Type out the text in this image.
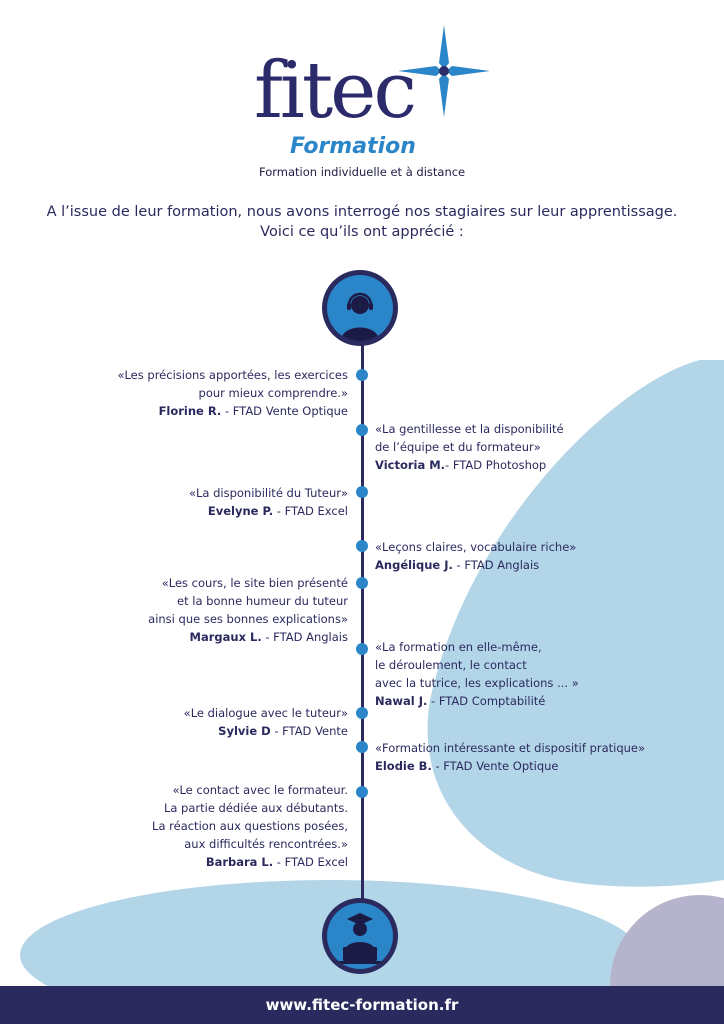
fitec
Formation
Formation individuelle et à distance
A l’issue de leur formation, nous avons interrogé nos stagiaires sur leur apprentissage.
Voici ce qu’ils ont apprécié :
«Les précisions apportées, les exercices
pour mieux comprendre.»
Florine R. - FTAD Vente Optique
«La gentillesse et la disponibilité
de l’équipe et du formateur»
Victoria M.- FTAD Photoshop
«La disponibilité du Tuteur»
Evelyne P. - FTAD Excel
«Leçons claires, vocabulaire riche»
Angélique J. - FTAD Anglais
«Les cours, le site bien présenté
et la bonne humeur du tuteur
ainsi que ses bonnes explications»
Margaux L. - FTAD Anglais
«La formation en elle-même,
le déroulement, le contact
avec la tutrice, les explications ... »
Nawal J. - FTAD Comptabilité
«Le dialogue avec le tuteur»
Sylvie D - FTAD Vente
«Formation intéressante et dispositif pratique»
Elodie B. - FTAD Vente Optique
«Le contact avec le formateur.
La partie dédiée aux débutants.
La réaction aux questions posées,
aux difficultés rencontrées.»
Barbara L. - FTAD Excel
www.fitec-formation.fr
